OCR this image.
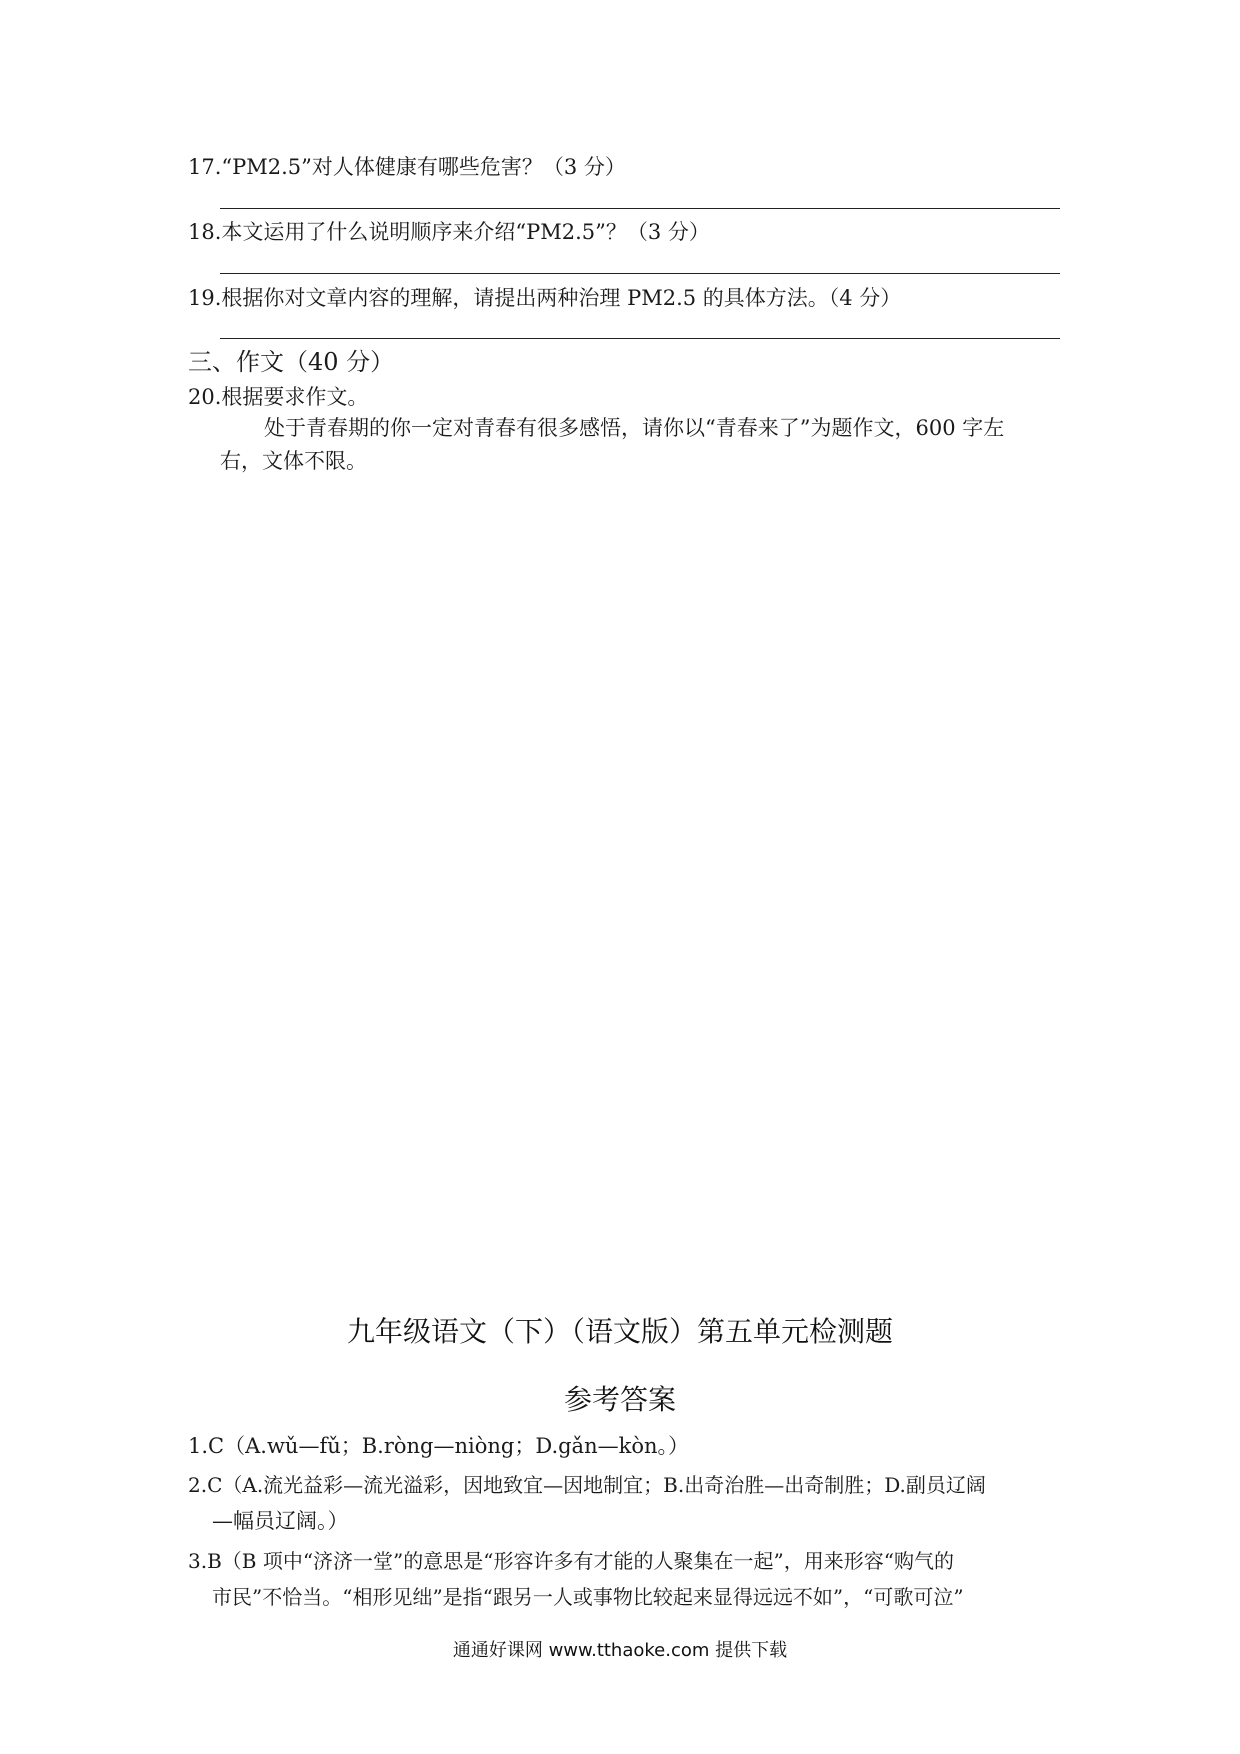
17.“PM2.5”对人体健康有哪些危害？（3 分）
18.本文运用了什么说明顺序来介绍“PM2.5”？（3 分）
19.根据你对文章内容的理解，请提出两种治理 PM2.5 的具体方法。（4 分）
三、作文（40 分）
20.根据要求作文。
处于青春期的你一定对青春有很多感悟，请你以“青春来了”为题作文，600 字左
右，文体不限。
九年级语文（下）（语文版）第五单元检测题
参考答案
1.C（A.wǔ—fǔ；B.ròng—niòng；D.gǎn—kòn。）
2.C（A.流光益彩—流光溢彩，因地致宜—因地制宜；B.出奇治胜—出奇制胜；D.副员辽阔
—幅员辽阔。）
3.B（B 项中“济济一堂”的意思是“形容许多有才能的人聚集在一起”，用来形容“购气的
市民”不恰当。“相形见绌”是指“跟另一人或事物比较起来显得远远不如”，“可歌可泣”
通通好课网 www.tthaoke.com 提供下载
